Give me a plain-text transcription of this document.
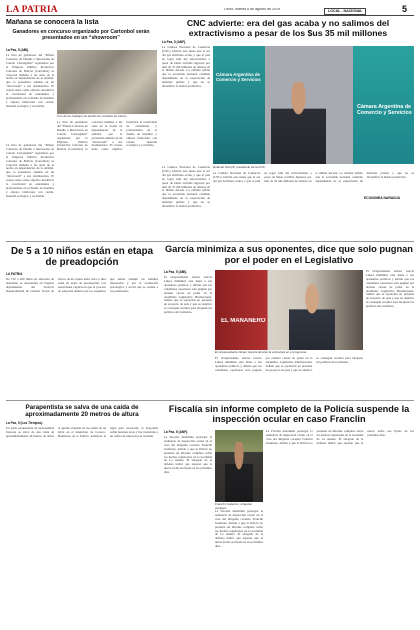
LA PATRIA	Oruro, martes 6 de agosto de 2019	LOCAL - NACIONAL	5
Mañana se conocerá la lista
Ganadores en concurso organizado por Cartonbol serán presentados en un “showroom”
La Paz, 5 (ABI).
La lista de ganadores del “Primer Concurso de Diseño e Innovación en Cartón: Cartongable” organizado por la Empresa Pública Productiva Cartones de Bolivia (Cartonbol) se conocerá mañana a las siete de la noche en dependencias de la entidad, que lo presentará además en un “showroom” a sus destinatarios. El evento tiene como objetivo incentivar la creatividad de estudiantes y profesionales en el diseño de muebles y objetos fabricados con cartón, material ecológico y reciclable.
Uno de los trabajos de diseño de muebles en cartón.
La lista de ganadores del “Primer Concurso de Diseño e Innovación en Cartón: Cartongable” organizado por la Empresa Pública Productiva Cartones de Bolivia (Cartonbol) se conocerá mañana a las siete de la noche en dependencias de la entidad, que lo presentará además en un “showroom” a sus destinatarios. El evento tiene como objetivo incentivar la creatividad de estudiantes y profesionales en el diseño de muebles y objetos fabricados con cartón, material ecológico y reciclable.
La lista de ganadores del “Primer Concurso de Diseño e Innovación en Cartón: Cartongable” organizado por la Empresa Pública Productiva Cartones de Bolivia (Cartonbol) se conocerá mañana a las siete de la noche en dependencias de la entidad, que lo presentará además en un “showroom” a sus destinatarios. El evento tiene como objetivo incentivar la creatividad de estudiantes y profesionales en el diseño de muebles y objetos fabricados con cartón, material ecológico y reciclable.
CNC advierte: era del gas acaba y no salimos del extractivismo a pesar de los $us 35 mil millones
La Paz, 5 (ANF).
La Cámara Nacional de Comercio (CNC) advirtió este lunes que la era del gas boliviano acaba, y que el país no logró salir del extractivismo a pesar de haber recibido ingresos por más de 35 mil millones de dólares en la última década. La entidad señaló que la economía nacional continúa dependiendo de la exportación de materias primas y que no se diversificó la matriz productiva.
Cámara Argentina de Comercio y Servicios
Cámara Argentina de Comercio y Servicios
Rolando Kempff, presidente de la CNC.
La Cámara Nacional de Comercio (CNC) advirtió este lunes que la era del gas boliviano acaba, y que el país no logró salir del extractivismo a pesar de haber recibido ingresos por más de 35 mil millones de dólares en la última década. La entidad señaló que la economía nacional continúa dependiendo de la exportación de materias primas y que no se diversificó la matriz productiva.
La Cámara Nacional de Comercio (CNC) advirtió este lunes que la era del gas boliviano acaba, y que el país no logró salir del extractivismo a pesar de haber recibido ingresos por más de 35 mil millones de dólares en la última década. La entidad señaló que la economía nacional continúa dependiendo de la exportación de materias primas y que no se diversificó la matriz productiva.
ECONOMÍA NARANJA
De 5 a 10 niños están en etapa de preadopción
LA PATRIA
De 150 a 200 niños en situación de abandono se encuentran en hogares dependientes del Servicio Departamental de Gestión Social de Oruro, de los cuales entre cinco y diez están en etapa de preadopción. Las autoridades explicaron que el proceso de adopción demora por los requisitos que deben cumplir las familias interesadas y por la evaluación psicológica y social que se realiza a los postulantes.
García minimiza a sus oponentes, dice que solo pugnan por el poder en el Legislativo
La Paz, 5 (ABI).
El vicepresidente Álvaro García Linera minimizó este lunes a sus oponentes políticos y afirmó que los candidatos opositores solo pugnan por obtener cuotas de poder en la Asamblea Legislativa Plurinacional. Señaló que la oposición no presenta un proyecto de país y que su objetivo es conseguir escaños para bloquear las políticas del Gobierno.
EL MAÑANERO
El vicepresidente Álvaro García durante la entrevista en el programa.
El vicepresidente Álvaro García Linera minimizó este lunes a sus oponentes políticos y afirmó que los candidatos opositores solo pugnan por obtener cuotas de poder en la Asamblea Legislativa Plurinacional. Señaló que la oposición no presenta un proyecto de país y que su objetivo es conseguir escaños para bloquear las políticas del Gobierno.
El vicepresidente Álvaro García Linera minimizó este lunes a sus oponentes políticos y afirmó que los candidatos opositores solo pugnan por obtener cuotas de poder en la Asamblea Legislativa Plurinacional. Señaló que la oposición no presenta un proyecto de país y que su objetivo es conseguir escaños para bloquear las políticas del Gobierno.
Parapentista se salva de una caída de aproximadamente 20 metros de altura
La Paz, 5 (Los Tiempos).
Un joble parapentista de nacionalidad francesa se salvó de una caída de aproximadamente 20 metros de altura al quedar atrapado en las ramas de un árbol en el municipio de Coroico. Bomberos de la Policía acudieron al lugar para rescatarlo; el deportista sufrió lesiones leves y fue trasladado a un centro de salud para su revisión.
Fiscalía sin informe completo de la Policía suspende la inspección ocular en caso Franclin
La Paz, 5 (ANF).
La Fiscalía determinó postergar la audiencia de inspección ocular en el caso del dirigente cocalero Franclin Gutiérrez, debido a que la Policía no presentó un informe completo sobre los hechos registrados en la localidad de La Asunta. El abogado de la defensa indicó que esperan que la nueva fecha sea fijada en los próximos días.
Franclin Gutiérrez, dirigente cocalero.
La Fiscalía determinó postergar la audiencia de inspección ocular en el caso del dirigente cocalero Franclin Gutiérrez, debido a que la Policía no presentó un informe completo sobre los hechos registrados en la localidad de La Asunta. El abogado de la defensa indicó que esperan que la nueva fecha sea fijada en los próximos días.
La Fiscalía determinó postergar la audiencia de inspección ocular en el caso del dirigente cocalero Franclin Gutiérrez, debido a que la Policía no presentó un informe completo sobre los hechos registrados en la localidad de La Asunta. El abogado de la defensa indicó que esperan que la nueva fecha sea fijada en los próximos días.
